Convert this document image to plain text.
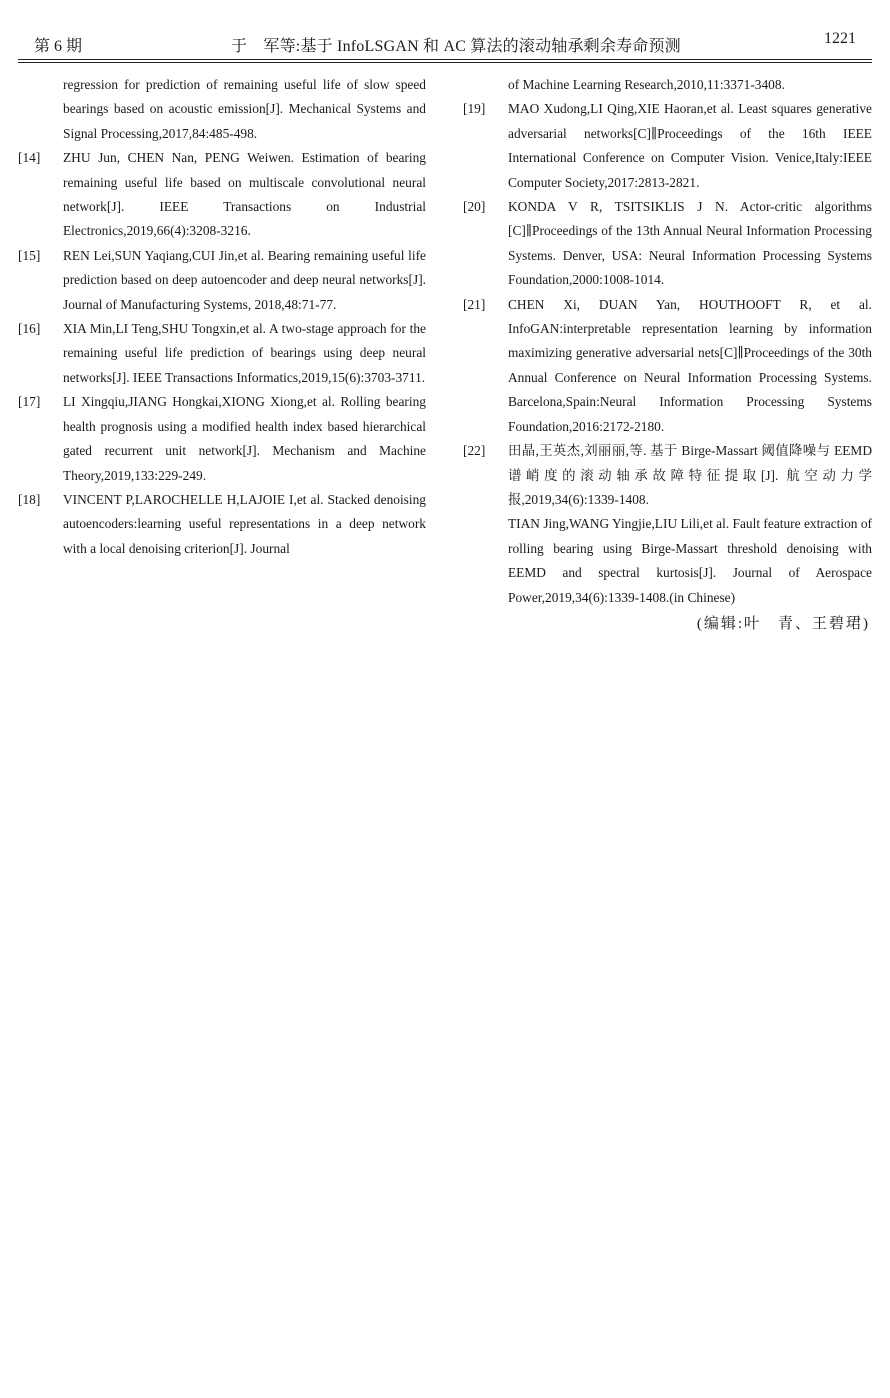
第 6 期	于　军等:基于 InfoLSGAN 和 AC 算法的滚动轴承剩余寿命预测	1221
regression for prediction of remaining useful life of slow speed bearings based on acoustic emission[J]. Mechanical Systems and Signal Processing,2017,84:485-498.
[14] ZHU Jun, CHEN Nan, PENG Weiwen. Estimation of bearing remaining useful life based on multiscale convolutional neural network[J]. IEEE Transactions on Industrial Electronics,2019,66(4):3208-3216.
[15] REN Lei,SUN Yaqiang,CUI Jin,et al. Bearing remaining useful life prediction based on deep autoencoder and deep neural networks[J]. Journal of Manufacturing Systems, 2018,48:71-77.
[16] XIA Min,LI Teng,SHU Tongxin,et al. A two-stage approach for the remaining useful life prediction of bearings using deep neural networks[J]. IEEE Transactions Informatics,2019,15(6):3703-3711.
[17] LI Xingqiu,JIANG Hongkai,XIONG Xiong,et al. Rolling bearing health prognosis using a modified health index based hierarchical gated recurrent unit network[J]. Mechanism and Machine Theory,2019,133:229-249.
[18] VINCENT P,LAROCHELLE H,LAJOIE I,et al. Stacked denoising autoencoders:learning useful representations in a deep network with a local denoising criterion[J]. Journal
of Machine Learning Research,2010,11:3371-3408.
[19] MAO Xudong,LI Qing,XIE Haoran,et al. Least squares generative adversarial networks[C]∥Proceedings of the 16th IEEE International Conference on Computer Vision. Venice,Italy:IEEE Computer Society,2017:2813-2821.
[20] KONDA V R, TSITSIKLIS J N. Actor-critic algorithms [C]∥Proceedings of the 13th Annual Neural Information Processing Systems. Denver, USA: Neural Information Processing Systems Foundation,2000:1008-1014.
[21] CHEN Xi, DUAN Yan, HOUTHOOFT R, et al. InfoGAN:interpretable representation learning by information maximizing generative adversarial nets[C]∥Proceedings of the 30th Annual Conference on Neural Information Processing Systems. Barcelona,Spain:Neural Information Processing Systems Foundation,2016:2172-2180.
[22] 田晶,王英杰,刘丽丽,等. 基于 Birge-Massart 阈值降噪与 EEMD 谱峭度的滚动轴承故障特征提取[J]. 航空动力学报,2019,34(6):1339-1408.
TIAN Jing,WANG Yingjie,LIU Lili,et al. Fault feature extraction of rolling bearing using Birge-Massart threshold denoising with EEMD and spectral kurtosis[J]. Journal of Aerospace Power,2019,34(6):1339-1408.(in Chinese)
(编辑:叶　青、王碧珺)
